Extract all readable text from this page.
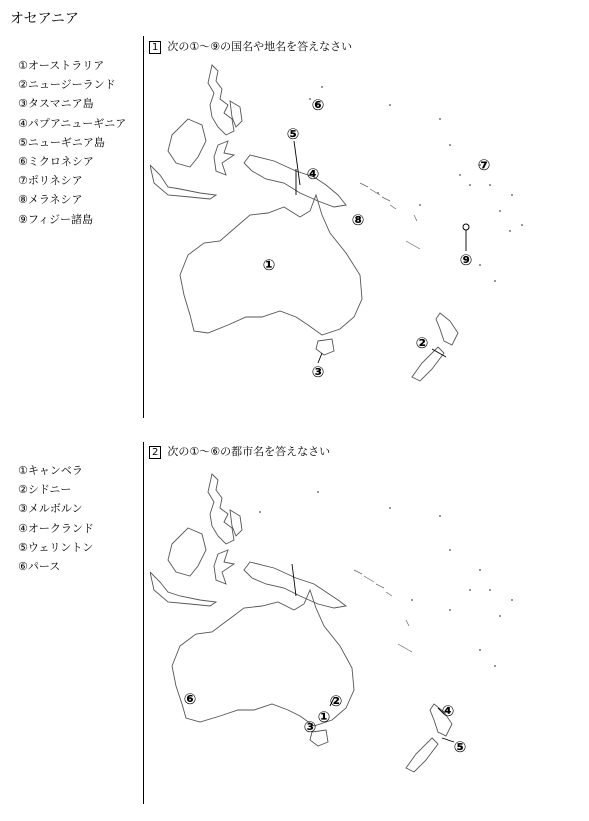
オセアニア
①オーストラリア
②ニュージーランド
③タスマニア島
④パプアニューギニア
⑤ニューギニア島
⑥ミクロネシア
⑦ポリネシア
⑧メラネシア
⑨フィジー諸島
1 次の①～⑨の国名や地名を答えなさい
⑥
⑤
④	⑦
⑧
①	⑨
②
③
①キャンベラ
②シドニー
③メルボルン
④オークランド
⑤ウェリントン
⑥パース
2 次の①～⑥の都市名を答えなさい
②
①
③
④
⑤
⑥
